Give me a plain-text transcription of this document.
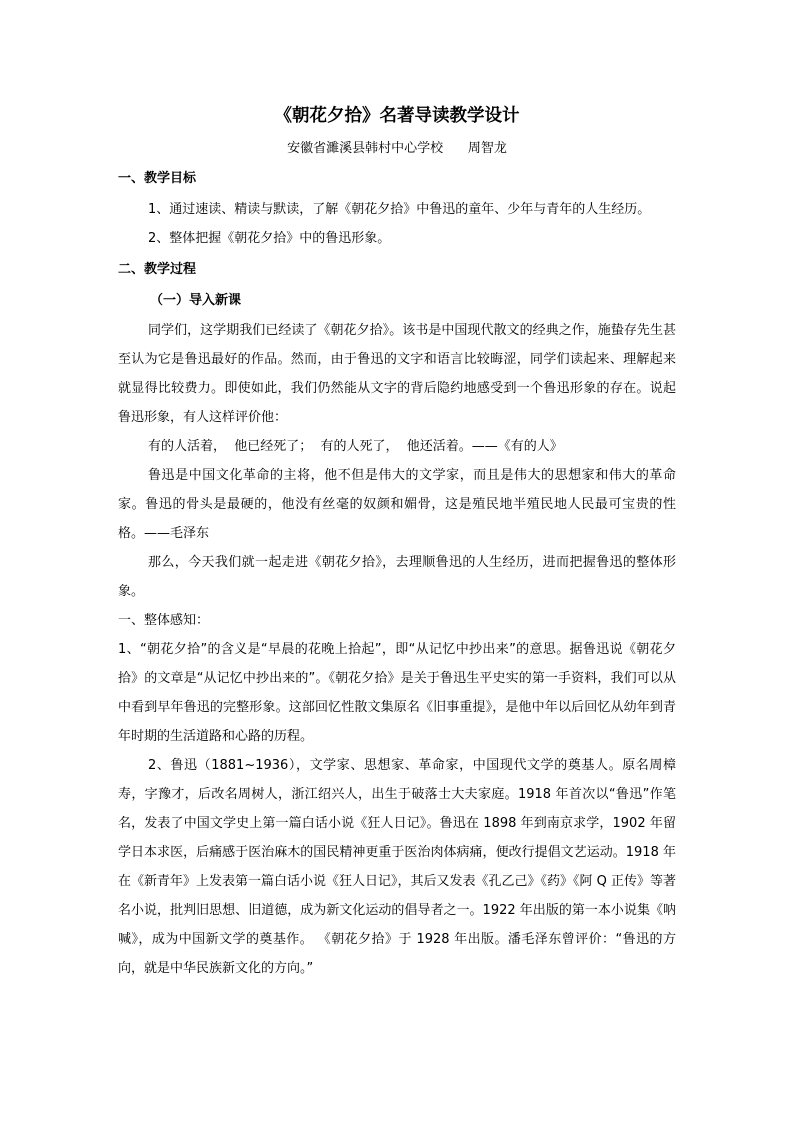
《朝花夕拾》名著导读教学设计

安徽省濉溪县韩村中心学校      周智龙

一、教学目标

1、通过速读、精读与默读，了解《朝花夕拾》中鲁迅的童年、少年与青年的人生经历。

2、整体把握《朝花夕拾》中的鲁迅形象。

二、教学过程

（一）导入新课

同学们，这学期我们已经读了《朝花夕拾》。该书是中国现代散文的经典之作，施蛰存先生甚至认为它是鲁迅最好的作品。然而，由于鲁迅的文字和语言比较晦涩，同学们读起来、理解起来就显得比较费力。即使如此，我们仍然能从文字的背后隐约地感受到一个鲁迅形象的存在。说起鲁迅形象，有人这样评价他：

有的人活着，  他已经死了；  有的人死了，  他还活着。——《有的人》

鲁迅是中国文化革命的主将，他不但是伟大的文学家，而且是伟大的思想家和伟大的革命家。鲁迅的骨头是最硬的，他没有丝毫的奴颜和媚骨，这是殖民地半殖民地人民最可宝贵的性格。——毛泽东

那么，今天我们就一起走进《朝花夕拾》，去理顺鲁迅的人生经历，进而把握鲁迅的整体形象。

一、整体感知：

1、“朝花夕拾”的含义是“早晨的花晚上拾起”，即“从记忆中抄出来”的意思。据鲁迅说《朝花夕拾》的文章是“从记忆中抄出来的”。《朝花夕拾》是关于鲁迅生平史实的第一手资料，我们可以从中看到早年鲁迅的完整形象。这部回忆性散文集原名《旧事重提》，是他中年以后回忆从幼年到青年时期的生活道路和心路的历程。

2、鲁迅（1881~1936），文学家、思想家、革命家，中国现代文学的奠基人。原名周樟寿，字豫才，后改名周树人，浙江绍兴人，出生于破落士大夫家庭。1918 年首次以“鲁迅”作笔名，发表了中国文学史上第一篇白话小说《狂人日记》。鲁迅在 1898 年到南京求学，1902 年留学日本求医，后痛感于医治麻木的国民精神更重于医治肉体病痛，便改行提倡文艺运动。1918 年在《新青年》上发表第一篇白话小说《狂人日记》，其后又发表《孔乙己》《药》《阿 Q 正传》等著名小说，批判旧思想、旧道德，成为新文化运动的倡导者之一。1922 年出版的第一本小说集《呐喊》，成为中国新文学的奠基作。 《朝花夕拾》于 1928 年出版。潘毛泽东曾评价：“鲁迅的方向，就是中华民族新文化的方向。”
